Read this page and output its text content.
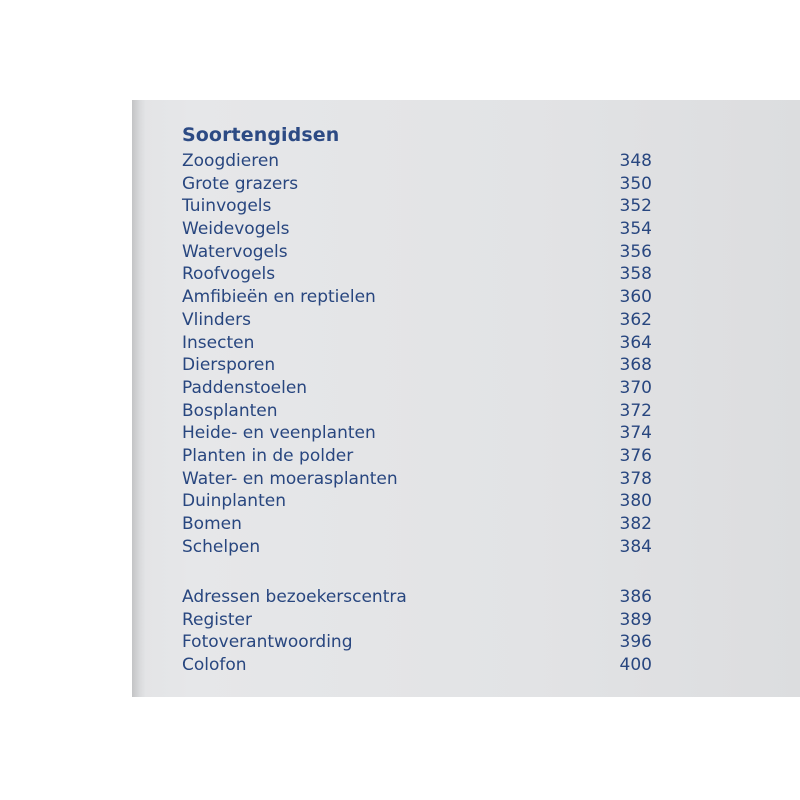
Soortengidsen
Zoogdieren	348
Grote grazers	350
Tuinvogels	352
Weidevogels	354
Watervogels	356
Roofvogels	358
Amfibieën en reptielen	360
Vlinders	362
Insecten	364
Diersporen	368
Paddenstoelen	370
Bosplanten	372
Heide- en veenplanten	374
Planten in de polder	376
Water- en moerasplanten	378
Duinplanten	380
Bomen	382
Schelpen	384
Adressen bezoekerscentra	386
Register	389
Fotoverantwoording	396
Colofon	400
